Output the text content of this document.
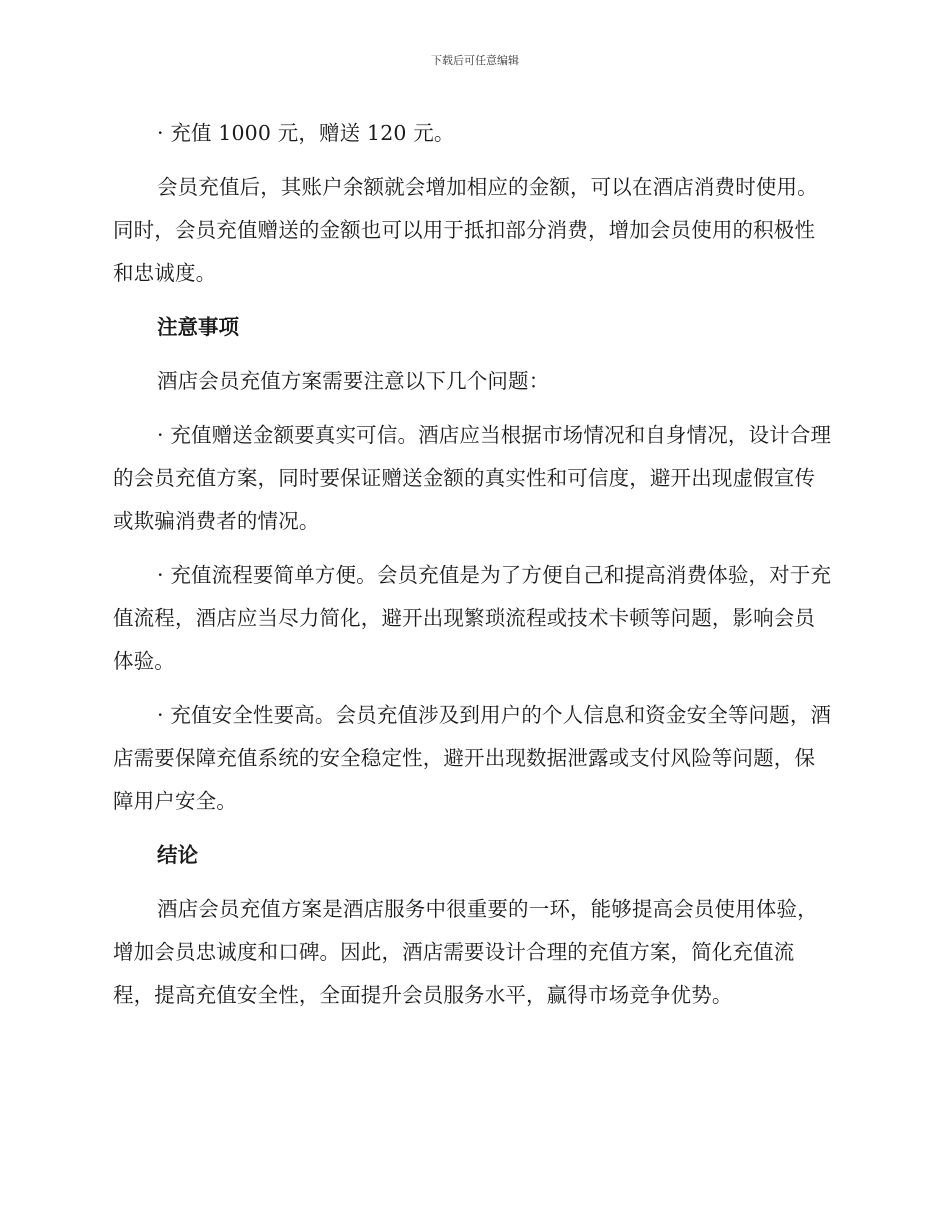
下载后可任意编辑

· 充值 1000 元，赠送 120 元。

会员充值后，其账户余额就会增加相应的金额，可以在酒店消费时使用。同时，会员充值赠送的金额也可以用于抵扣部分消费，增加会员使用的积极性和忠诚度。

注意事项

酒店会员充值方案需要注意以下几个问题：

· 充值赠送金额要真实可信。酒店应当根据市场情况和自身情况，设计合理的会员充值方案，同时要保证赠送金额的真实性和可信度，避开出现虚假宣传或欺骗消费者的情况。

· 充值流程要简单方便。会员充值是为了方便自己和提高消费体验，对于充值流程，酒店应当尽力简化，避开出现繁琐流程或技术卡顿等问题，影响会员体验。

· 充值安全性要高。会员充值涉及到用户的个人信息和资金安全等问题，酒店需要保障充值系统的安全稳定性，避开出现数据泄露或支付风险等问题，保障用户安全。

结论

酒店会员充值方案是酒店服务中很重要的一环，能够提高会员使用体验，增加会员忠诚度和口碑。因此，酒店需要设计合理的充值方案，简化充值流程，提高充值安全性，全面提升会员服务水平，赢得市场竞争优势。
